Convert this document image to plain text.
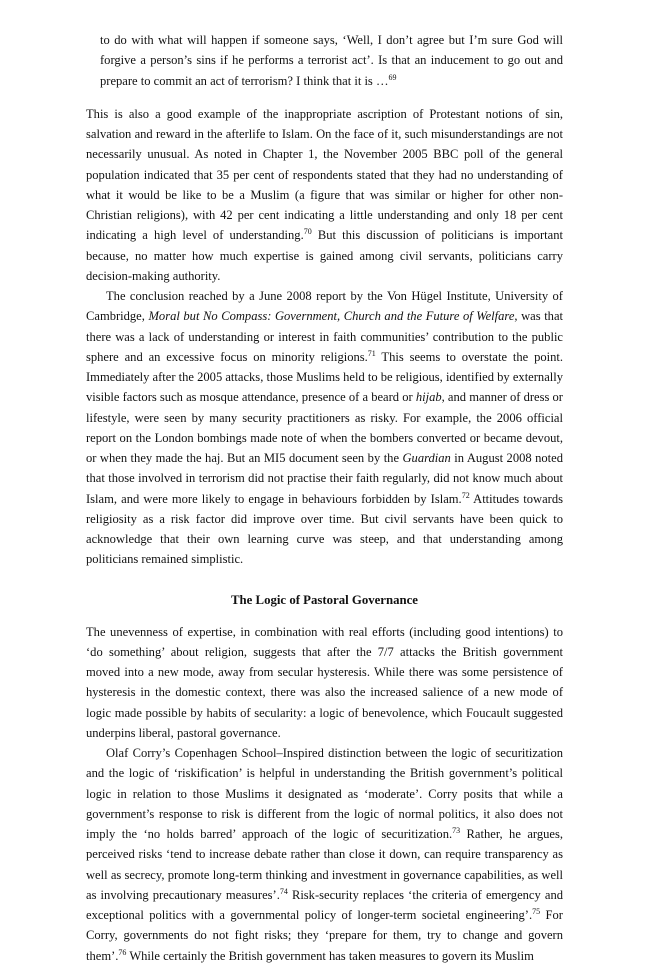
to do with what will happen if someone says, ‘Well, I don’t agree but I’m sure God will forgive a person’s sins if he performs a terrorist act’. Is that an inducement to go out and prepare to commit an act of terrorism? I think that it is …$^{69}$

This is also a good example of the inappropriate ascription of Protestant notions of sin, salvation and reward in the afterlife to Islam. On the face of it, such misunderstandings are not necessarily unusual. As noted in Chapter 1, the November 2005 BBC poll of the general population indicated that 35 per cent of respondents stated that they had no understanding of what it would be like to be a Muslim (a figure that was similar or higher for other non-Christian religions), with 42 per cent indicating a little understanding and only 18 per cent indicating a high level of understanding.$^{70}$ But this discussion of politicians is important because, no matter how much expertise is gained among civil servants, politicians carry decision-making authority.

The conclusion reached by a June 2008 report by the Von Hügel Institute, University of Cambridge, Moral but No Compass: Government, Church and the Future of Welfare, was that there was a lack of understanding or interest in faith communities’ contribution to the public sphere and an excessive focus on minority religions.$^{71}$ This seems to overstate the point. Immediately after the 2005 attacks, those Muslims held to be religious, identified by externally visible factors such as mosque attendance, presence of a beard or hijab, and manner of dress or lifestyle, were seen by many security practitioners as risky. For example, the 2006 official report on the London bombings made note of when the bombers converted or became devout, or when they made the haj. But an MI5 document seen by the Guardian in August 2008 noted that those involved in terrorism did not practise their faith regularly, did not know much about Islam, and were more likely to engage in behaviours forbidden by Islam.$^{72}$ Attitudes towards religiosity as a risk factor did improve over time. But civil servants have been quick to acknowledge that their own learning curve was steep, and that understanding among politicians remained simplistic.

The Logic of Pastoral Governance

The unevenness of expertise, in combination with real efforts (including good intentions) to ‘do something’ about religion, suggests that after the 7/7 attacks the British government moved into a new mode, away from secular hysteresis. While there was some persistence of hysteresis in the domestic context, there was also the increased salience of a new mode of logic made possible by habits of secularity: a logic of benevolence, which Foucault suggested underpins liberal, pastoral governance.

Olaf Corry’s Copenhagen School–Inspired distinction between the logic of securitization and the logic of ‘riskification’ is helpful in understanding the British government’s political logic in relation to those Muslims it designated as ‘moderate’. Corry posits that while a government’s response to risk is different from the logic of normal politics, it also does not imply the ‘no holds barred’ approach of the logic of securitization.$^{73}$ Rather, he argues, perceived risks ‘tend to increase debate rather than close it down, can require transparency as well as secrecy, promote long-term thinking and investment in governance capabilities, as well as involving precautionary measures’.$^{74}$ Risk-security replaces ‘the criteria of emergency and exceptional politics with a governmental policy of longer-term societal engineering’.$^{75}$ For Corry, governments do not fight risks; they ‘prepare for them, try to change and govern them’.$^{76}$ While certainly the British government has taken measures to govern its Muslim
